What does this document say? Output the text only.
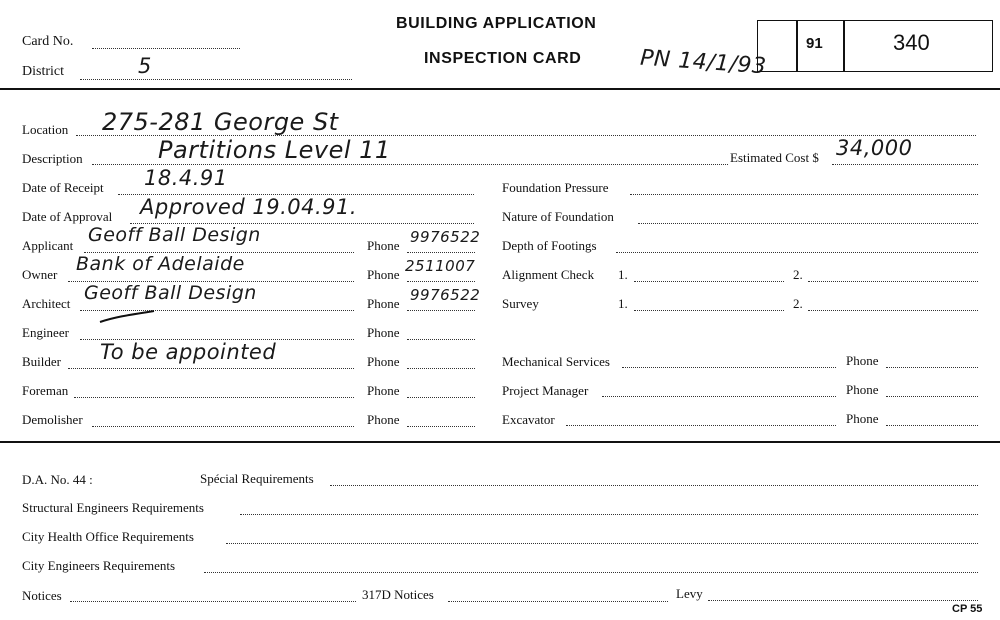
Card No.
District	5
BUILDING APPLICATION
INSPECTION CARD	PN 14/1/93
91	340
Location 275-281 George St
Description	Partitions Level 11	Estimated Cost $ 34,000
Date of Receipt 18.4.91
Date of Approval Approved 19.04.91.
Applicant Geoff Ball Design	Phone 9976522
Owner Bank of Adelaide	Phone 2511007
Architect Geoff Ball Design	Phone 9976522
Engineer	Phone
Builder To be appointed	Phone
Foreman	Phone
Demolisher	Phone
Foundation Pressure
Nature of Foundation
Depth of Footings
Alignment Check 1.	2.
Survey	1.	2.
Mechanical Services	Phone
Project Manager	Phone
Excavator	Phone
D.A. No. 44 :	Spécial Requirements
Structural Engineers Requirements
City Health Office Requirements
City Engineers Requirements
Notices	317D Notices	Levy
CP 55
